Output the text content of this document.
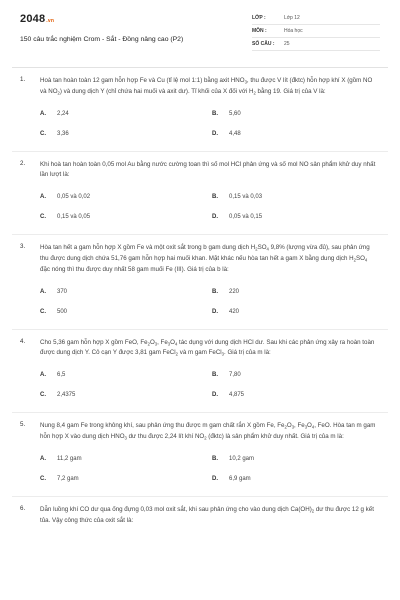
2048.vn
150 câu trắc nghiệm Crom - Sắt - Đồng nâng cao (P2)
LỚP :	Lớp 12
MÔN :	Hóa học
SỐ CÂU :	25
1. Hoà tan hoàn toàn 12 gam hỗn hợp Fe và Cu (tỉ lệ mol 1:1) bằng axit $HNO_3$, thu được V lít (đktc) hỗn hợp khí X (gồm NO và $NO_2$) và dung dịch Y (chỉ chứa hai muối và axit dư). Tỉ khối của X đối với $H_2$ bằng 19. Giá trị của V là:
A.	2,24	B.	5,60
C.	3,36	D.	4,48
2. Khi hoà tan hoàn toàn 0,05 mol Au bằng nước cường toan thì số mol HCl phản ứng và số mol NO sản phẩm khử duy nhất lần lượt là:
A.	0,05 và 0,02	B.	0,15 và 0,03
C.	0,15 và 0,05	D.	0,05 và 0,15
3. Hòa tan hết a gam hỗn hợp X gồm Fe và một oxit sắt trong b gam dung dịch $H_2SO_4$ 9,8% (lượng vừa đủ), sau phản ứng thu được dung dịch chứa 51,76 gam hỗn hợp hai muối khan. Mặt khác nếu hòa tan hết a gam X bằng dung dịch $H_2SO_4$ đặc nóng thì thu được duy nhất 58 gam muối Fe (III). Giá trị của b là:
A.	370	B.	220
C.	500	D.	420
4. Cho 5,36 gam hỗn hợp X gồm FeO, $Fe_2O_3$, $Fe_3O_4$ tác dụng với dung dịch HCl dư. Sau khi các phản ứng xảy ra hoàn toàn được dung dịch Y. Cô cạn Y được 3,81 gam FeCl$_2$ và m gam FeCl$_3$. Giá trị của m là:
A.	6,5	B.	7,80
C.	2,4375	D.	4,875
5. Nung 8,4 gam Fe trong không khí, sau phản ứng thu được m gam chất rắn X gồm Fe, $Fe_2O_3$, $Fe_3O_4$, FeO. Hòa tan m gam hỗn hợp X vào dung dịch $HNO_3$ dư thu được 2,24 lít khí $NO_2$ (đktc) là sản phẩm khử duy nhất. Giá trị của m là:
A.	11,2 gam	B.	10,2 gam
C.	7,2 gam	D.	6,9 gam
6. Dẫn luồng khí CO dư qua ống đựng 0,03 mol oxit sắt, khi sau phản ứng cho vào dung dịch $Ca(OH)_2$ dư thu được 12 g kết tủa. Vậy công thức của oxit sắt là:
